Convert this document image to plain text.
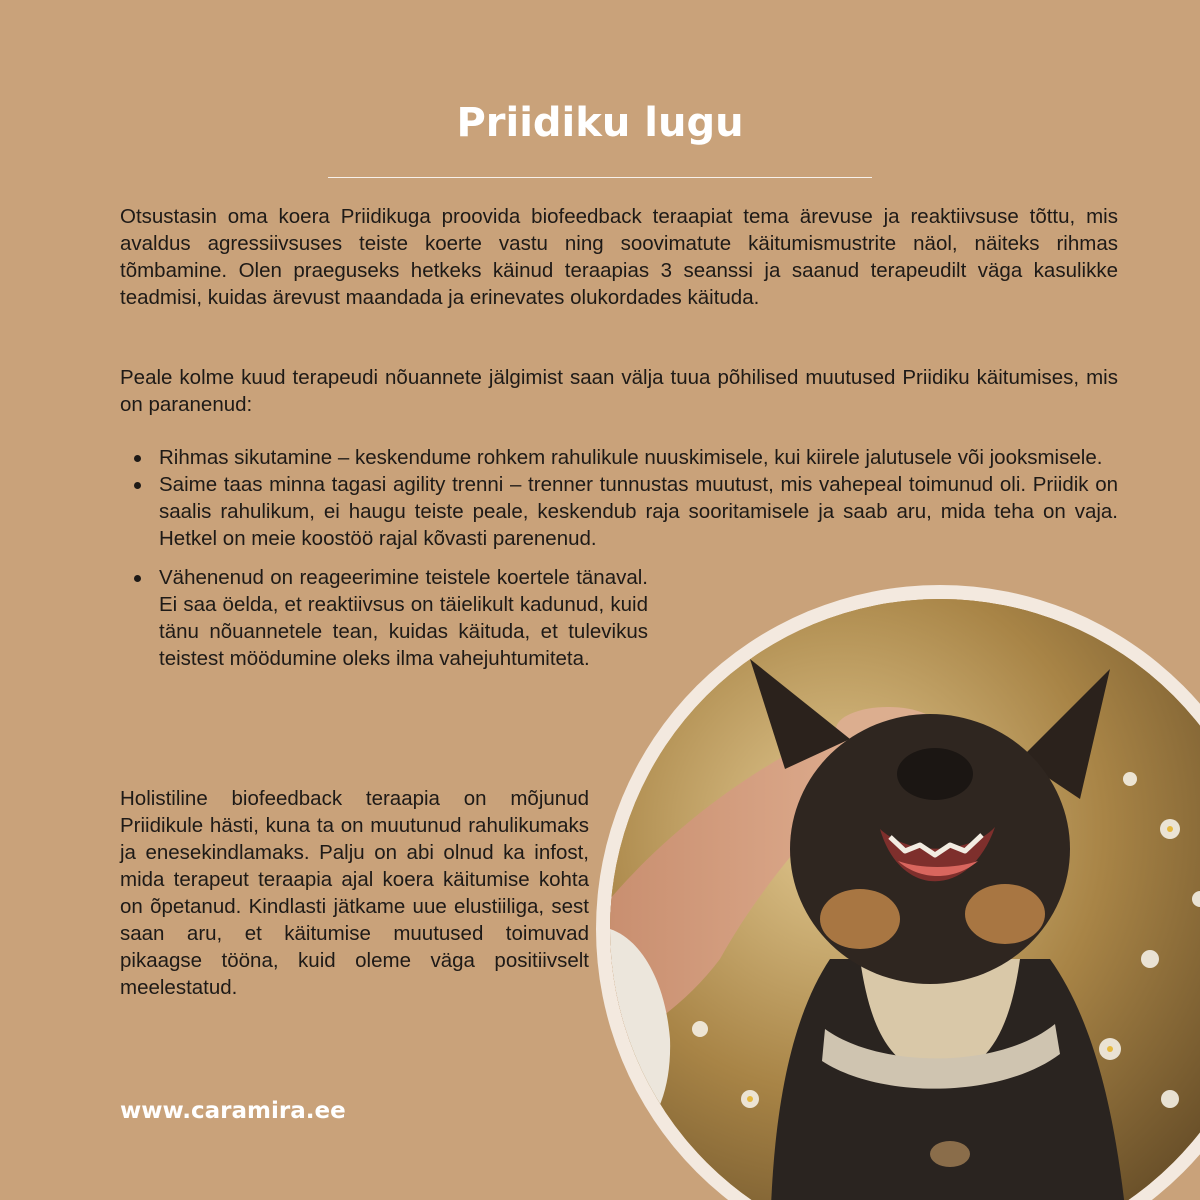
Priidiku lugu

Otsustasin oma koera Priidikuga proovida biofeedback teraapiat tema ärevuse ja reaktiivsuse tõttu, mis avaldus agressiivsuses teiste koerte vastu ning soovimatute käitumismustrite näol, näiteks rihmas tõmbamine. Olen praeguseks hetkeks käinud teraapias 3 seanssi ja saanud terapeudilt väga kasulikke teadmisi, kuidas ärevust maandada ja erinevates olukordades käituda.

Peale kolme kuud terapeudi nõuannete jälgimist saan välja tuua põhilised muutused Priidiku käitumises, mis on paranenud:

Rihmas sikutamine – keskendume rohkem rahulikule nuuskimisele, kui kiirele jalutusele või jooksmisele.
Saime taas minna tagasi agility trenni – trenner tunnustas muutust, mis vahepeal toimunud oli. Priidik on saalis rahulikum, ei haugu teiste peale, keskendub raja sooritamisele ja saab aru, mida teha on vaja. Hetkel on meie koostöö rajal kõvasti parenenud.
Vähenenud on reageerimine teistele koertele tänaval. Ei saa öelda, et reaktiivsus on täielikult kadunud, kuid tänu nõuannetele tean, kuidas käituda, et tulevikus teistest möödumine oleks ilma vahejuhtumiteta.

Holistiline biofeedback teraapia on mõjunud Priidikule hästi, kuna ta on muutunud rahulikumaks ja enesekindlamaks. Palju on abi olnud ka infost, mida terapeut teraapia ajal koera käitumise kohta on õpetanud. Kindlasti jätkame uue elustiiliga, sest saan aru, et käitumise muutused toimuvad pikaagse tööna, kuid oleme väga positiivselt meelestatud.

www.caramira.ee
